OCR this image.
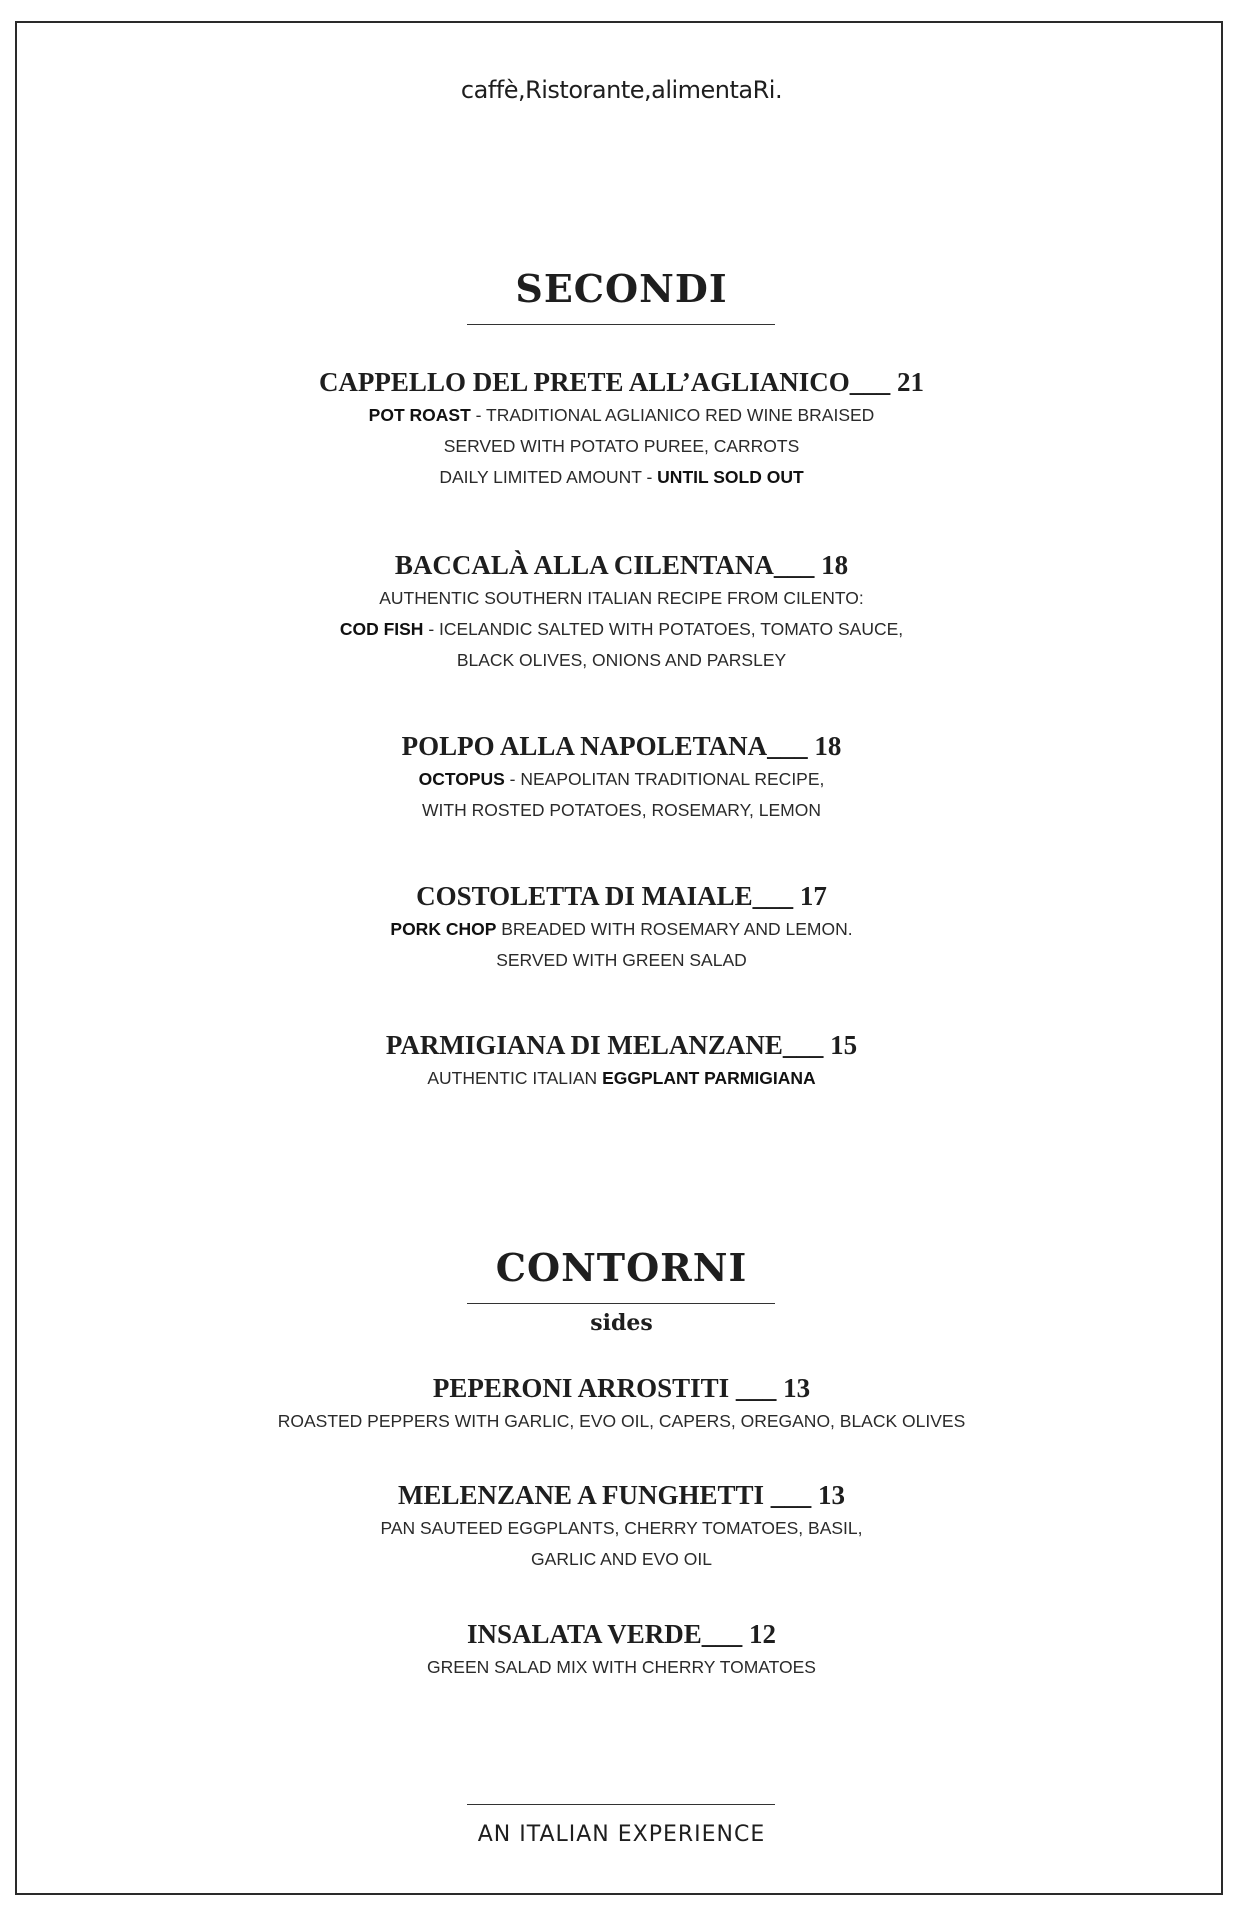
caffè,Ristorante,alimentaRi.
SECONDI
CAPPELLO DEL PRETE ALL’AGLIANICO___ 21
POT ROAST - TRADITIONAL AGLIANICO RED WINE BRAISED
SERVED WITH POTATO PUREE, CARROTS
DAILY LIMITED AMOUNT - UNTIL SOLD OUT
BACCALÀ ALLA CILENTANA___ 18
AUTHENTIC SOUTHERN ITALIAN RECIPE FROM CILENTO:
COD FISH - ICELANDIC SALTED WITH POTATOES, TOMATO SAUCE,
BLACK OLIVES, ONIONS AND PARSLEY
POLPO ALLA NAPOLETANA___ 18
OCTOPUS - NEAPOLITAN TRADITIONAL RECIPE,
WITH ROSTED POTATOES, ROSEMARY, LEMON
COSTOLETTA DI MAIALE___ 17
PORK CHOP BREADED WITH ROSEMARY AND LEMON.
SERVED WITH GREEN SALAD
PARMIGIANA DI MELANZANE___ 15
AUTHENTIC ITALIAN EGGPLANT PARMIGIANA
CONTORNI
sides
PEPERONI ARROSTITI ___ 13
ROASTED PEPPERS WITH GARLIC, EVO OIL, CAPERS, OREGANO, BLACK OLIVES
MELENZANE A FUNGHETTI ___ 13
PAN SAUTEED EGGPLANTS, CHERRY TOMATOES, BASIL,
GARLIC AND EVO OIL
INSALATA VERDE___ 12
GREEN SALAD MIX WITH CHERRY TOMATOES
AN ITALIAN EXPERIENCE
